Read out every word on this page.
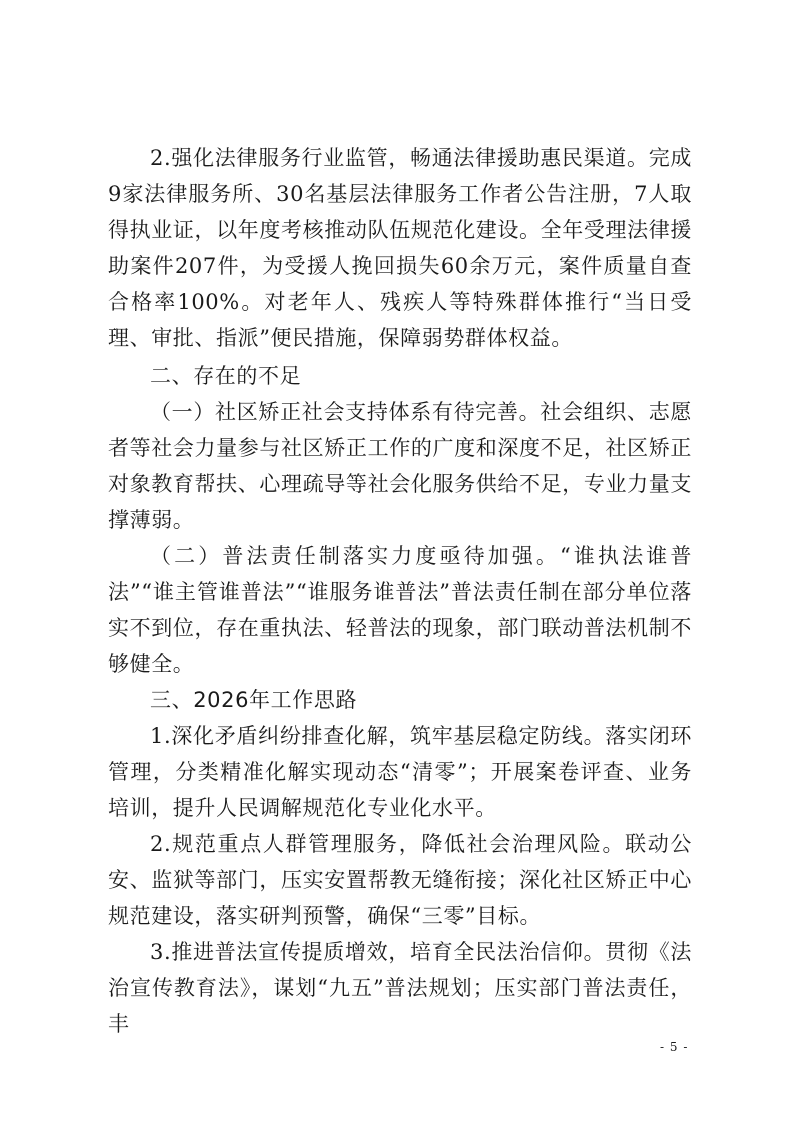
2.强化法律服务行业监管，畅通法律援助惠民渠道。完成9家法律服务所、30名基层法律服务工作者公告注册，7人取得执业证，以年度考核推动队伍规范化建设。全年受理法律援助案件207件，为受援人挽回损失60余万元，案件质量自查合格率100%。对老年人、残疾人等特殊群体推行“当日受理、审批、指派”便民措施，保障弱势群体权益。

二、存在的不足

（一）社区矫正社会支持体系有待完善。社会组织、志愿者等社会力量参与社区矫正工作的广度和深度不足，社区矫正对象教育帮扶、心理疏导等社会化服务供给不足，专业力量支撑薄弱。

（二）普法责任制落实力度亟待加强。“谁执法谁普法”“谁主管谁普法”“谁服务谁普法”普法责任制在部分单位落实不到位，存在重执法、轻普法的现象，部门联动普法机制不够健全。

三、2026年工作思路

1.深化矛盾纠纷排查化解，筑牢基层稳定防线。落实闭环管理，分类精准化解实现动态“清零”；开展案卷评查、业务培训，提升人民调解规范化专业化水平。

2.规范重点人群管理服务，降低社会治理风险。联动公安、监狱等部门，压实安置帮教无缝衔接；深化社区矫正中心规范建设，落实研判预警，确保“三零”目标。

3.推进普法宣传提质增效，培育全民法治信仰。贯彻《法治宣传教育法》，谋划“九五”普法规划；压实部门普法责任，丰

- 5 -
